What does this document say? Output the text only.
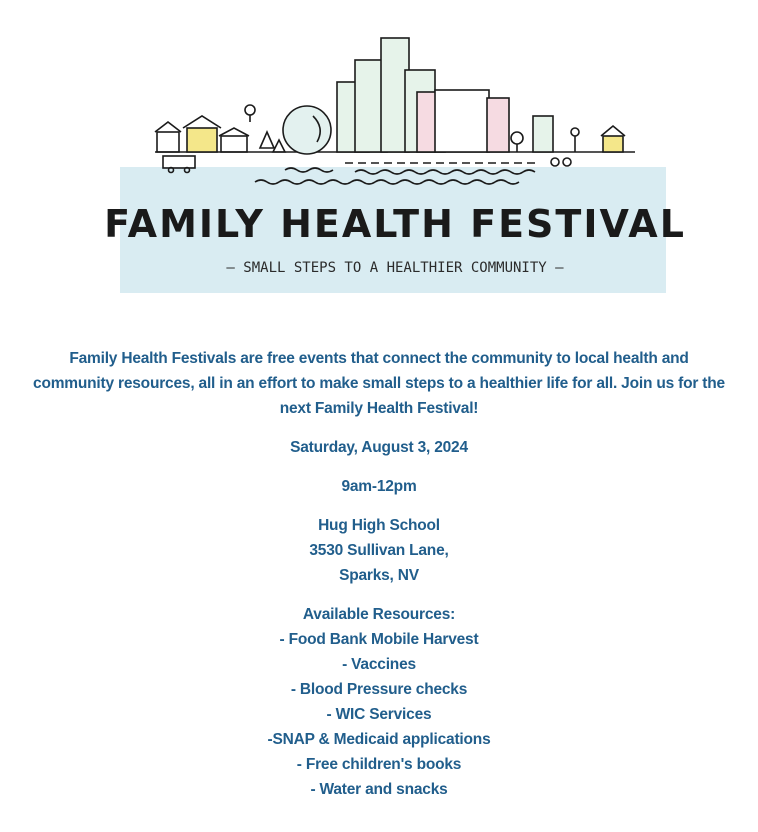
FAMILY HEALTH FESTIVAL
— SMALL STEPS TO A HEALTHIER COMMUNITY —
Family Health Festivals are free events that connect the community to local health and community resources, all in an effort to make small steps to a healthier life for all. Join us for the next Family Health Festival!
Saturday, August 3, 2024
9am-12pm
Hug High School
3530 Sullivan Lane,
Sparks, NV
Available Resources:
- Food Bank Mobile Harvest
- Vaccines
- Blood Pressure checks
- WIC Services
-SNAP & Medicaid applications
- Free children's books
- Water and snacks
